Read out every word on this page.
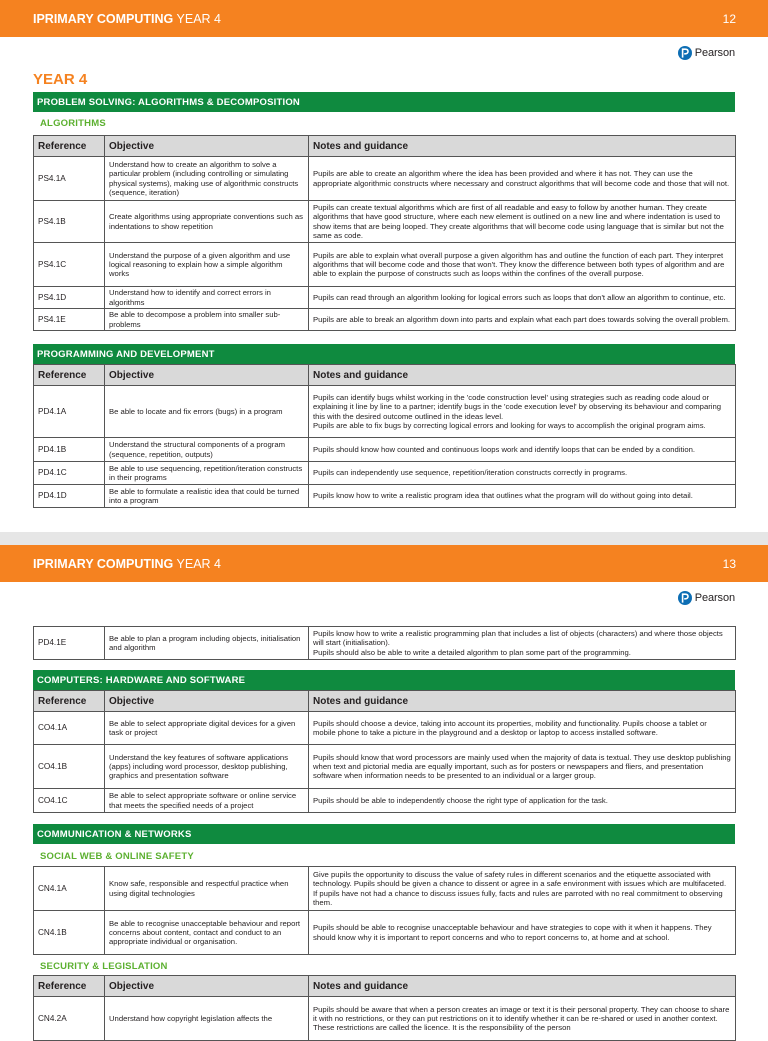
IPRIMARY COMPUTING YEAR 4	12
Pearson
YEAR 4
PROBLEM SOLVING: ALGORITHMS & DECOMPOSITION
ALGORITHMS
Reference	Objective	Notes and guidance
PS4.1A	Understand how to create an algorithm to solve a particular problem (including controlling or simulating physical systems), making use of algorithmic constructs (sequence, iteration)	Pupils are able to create an algorithm where the idea has been provided and where it has not. They can use the appropriate algorithmic constructs where necessary and construct algorithms that will become code and those that will not.
PS4.1B	Create algorithms using appropriate conventions such as indentations to show repetition	Pupils can create textual algorithms which are first of all readable and easy to follow by another human. They create algorithms that have good structure, where each new element is outlined on a new line and where indentation is used to show items that are being looped. They create algorithms that will become code using language that is similar but not the same as code.
PS4.1C	Understand the purpose of a given algorithm and use logical reasoning to explain how a simple algorithm works	Pupils are able to explain what overall purpose a given algorithm has and outline the function of each part. They interpret algorithms that will become code and those that won't. They know the difference between both types of algorithm and are able to explain the purpose of constructs such as loops within the confines of the overall purpose.
PS4.1D	Understand how to identify and correct errors in algorithms	Pupils can read through an algorithm looking for logical errors such as loops that don't allow an algorithm to continue, etc.
PS4.1E	Be able to decompose a problem into smaller sub-problems	Pupils are able to break an algorithm down into parts and explain what each part does towards solving the overall problem.
PROGRAMMING AND DEVELOPMENT
Reference	Objective	Notes and guidance
PD4.1A	Be able to locate and fix errors (bugs) in a program	Pupils can identify bugs whilst working in the 'code construction level' using strategies such as reading code aloud or explaining it line by line to a partner; identify bugs in the 'code execution level' by observing its behaviour and comparing this with the desired outcome outlined in the ideas level.
Pupils are able to fix bugs by correcting logical errors and looking for ways to accomplish the original program aims.
PD4.1B	Understand the structural components of a program (sequence, repetition, outputs)	Pupils should know how counted and continuous loops work and identify loops that can be ended by a condition.
PD4.1C	Be able to use sequencing, repetition/iteration constructs in their programs	Pupils can independently use sequence, repetition/iteration constructs correctly in programs.
PD4.1D	Be able to formulate a realistic idea that could be turned into a program	Pupils know how to write a realistic program idea that outlines what the program will do without going into detail.
IPRIMARY COMPUTING YEAR 4	13
Pearson
PD4.1E	Be able to plan a program including objects, initialisation and algorithm	Pupils know how to write a realistic programming plan that includes a list of objects (characters) and where those objects will start (initialisation).
Pupils should also be able to write a detailed algorithm to plan some part of the programming.
COMPUTERS: HARDWARE AND SOFTWARE
Reference	Objective	Notes and guidance
CO4.1A	Be able to select appropriate digital devices for a given task or project	Pupils should choose a device, taking into account its properties, mobility and functionality. Pupils choose a tablet or mobile phone to take a picture in the playground and a desktop or laptop to access installed software.
CO4.1B	Understand the key features of software applications (apps) including word processor, desktop publishing, graphics and presentation software	Pupils should know that word processors are mainly used when the majority of data is textual. They use desktop publishing when text and pictorial media are equally important, such as for posters or newspapers and fliers, and presentation software when information needs to be presented to an individual or a larger group.
CO4.1C	Be able to select appropriate software or online service that meets the specified needs of a project	Pupils should be able to independently choose the right type of application for the task.
COMMUNICATION & NETWORKS
SOCIAL WEB & ONLINE SAFETY
CN4.1A	Know safe, responsible and respectful practice when using digital technologies	Give pupils the opportunity to discuss the value of safety rules in different scenarios and the etiquette associated with technology. Pupils should be given a chance to dissent or agree in a safe environment with issues which are multifaceted. If pupils have not had a chance to discuss issues fully, facts and rules are parroted with no real commitment to observing them.
CN4.1B	Be able to recognise unacceptable behaviour and report concerns about content, contact and conduct to an appropriate individual or organisation.	Pupils should be able to recognise unacceptable behaviour and have strategies to cope with it when it happens. They should know why it is important to report concerns and who to report concerns to, at home and at school.
SECURITY & LEGISLATION
Reference	Objective	Notes and guidance
CN4.2A	Understand how copyright legislation affects the	Pupils should be aware that when a person creates an image or text it is their personal property. They can choose to share it with no restrictions, or they can put restrictions on it to identify whether it can be re-shared or used in another context. These restrictions are called the licence. It is the responsibility of the person
